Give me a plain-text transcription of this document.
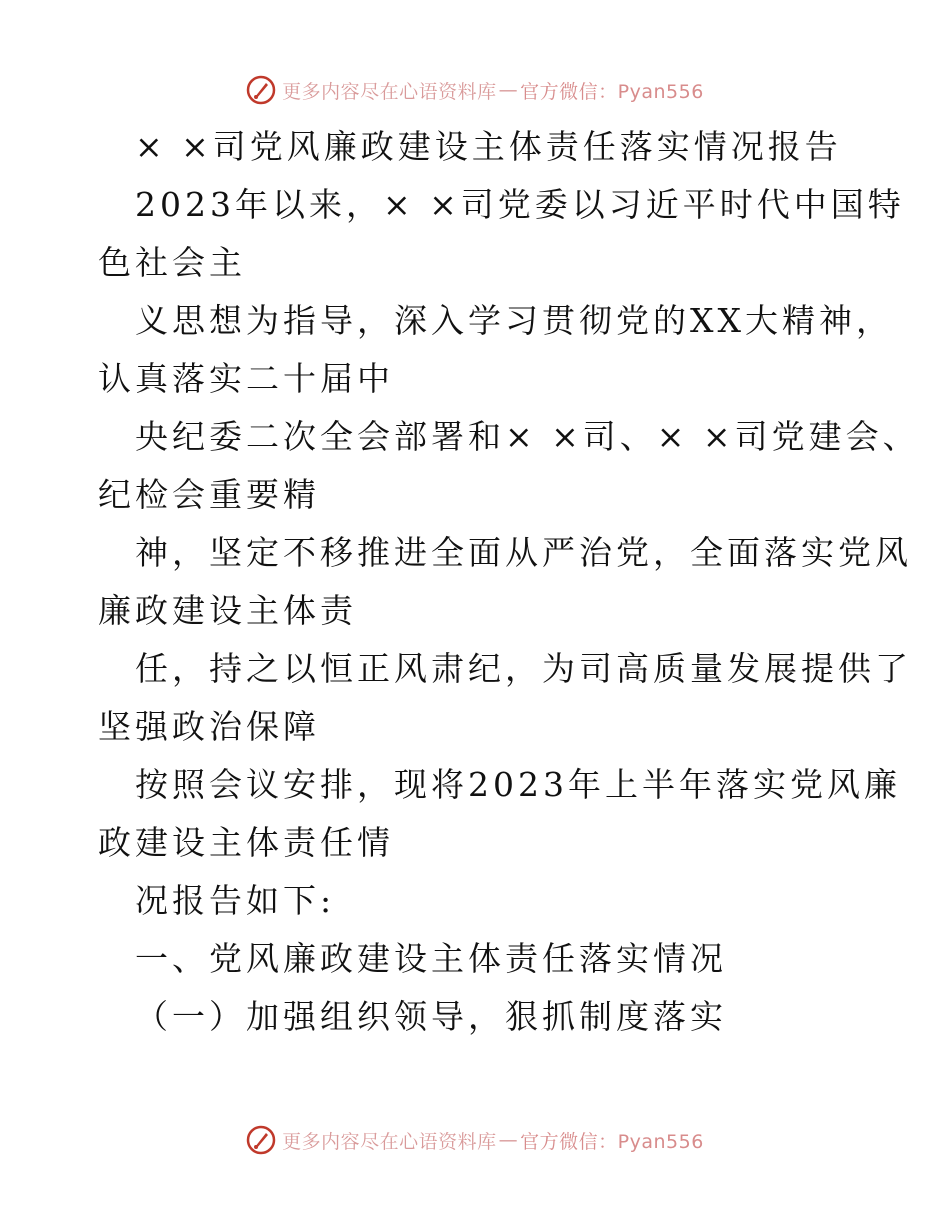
更多内容尽在心语资料库 — 官方微信：Pyan556
× ×司党风廉政建设主体责任落实情况报告
2023年以来，× ×司党委以习近平时代中国特
色社会主
义思想为指导，深入学习贯彻党的XX大精神，
认真落实二十届中
央纪委二次全会部署和× ×司、× ×司党建会、
纪检会重要精
神，坚定不移推进全面从严治党，全面落实党风
廉政建设主体责
任，持之以恒正风肃纪，为司高质量发展提供了
坚强政治保障
按照会议安排，现将2023年上半年落实党风廉
政建设主体责任情
况报告如下:
一、党风廉政建设主体责任落实情况
（一）加强组织领导，狠抓制度落实
更多内容尽在心语资料库 — 官方微信：Pyan556
